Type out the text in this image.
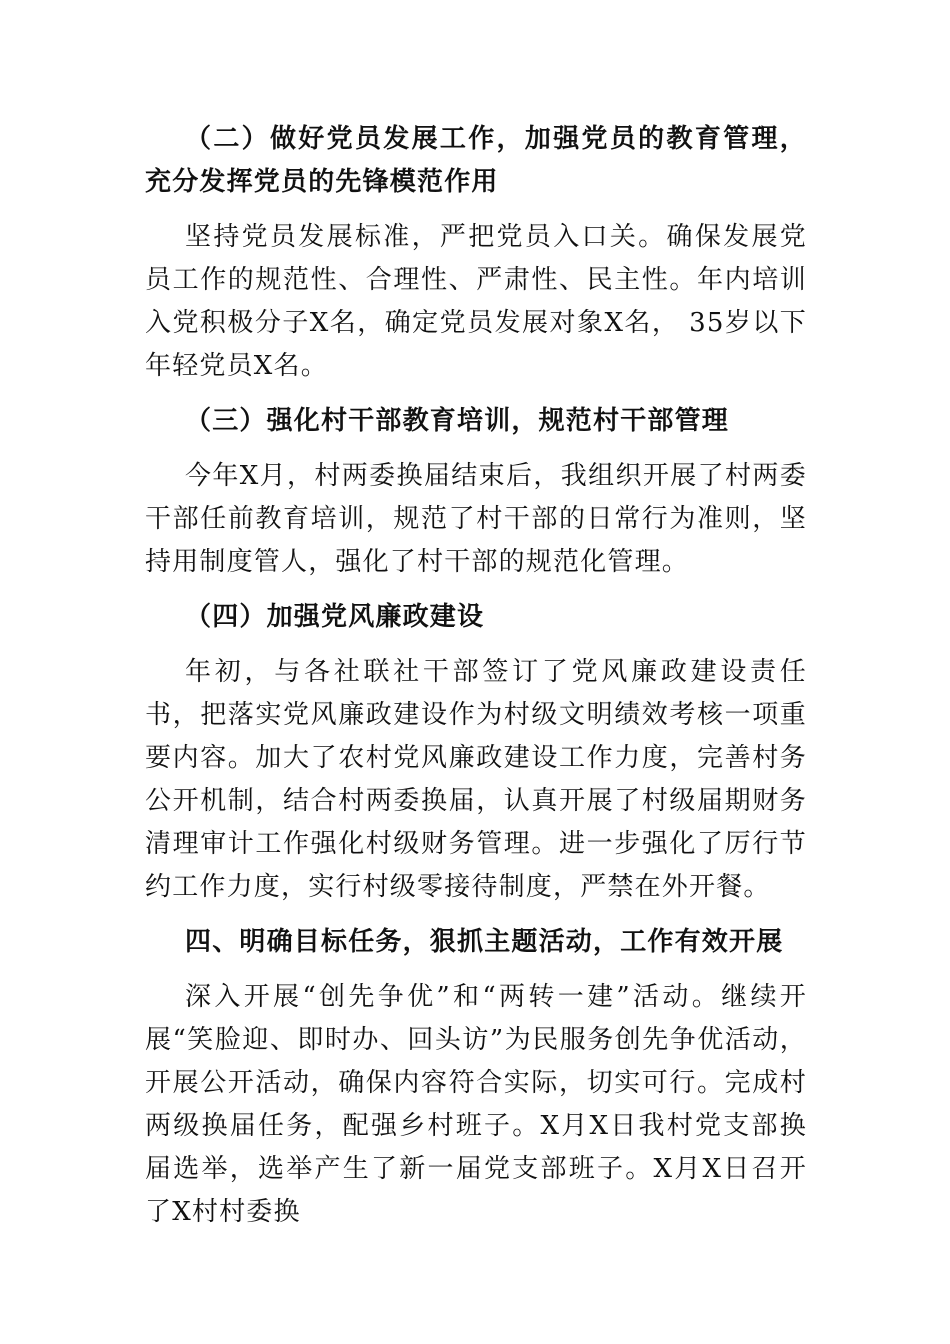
（二）做好党员发展工作，加强党员的教育管理，充分发挥党员的先锋模范作用
坚持党员发展标准，严把党员入口关。确保发展党员工作的规范性、合理性、严肃性、民主性。年内培训入党积极分子X名，确定党员发展对象X名， 35岁以下年轻党员X名。
（三）强化村干部教育培训，规范村干部管理
今年X月，村两委换届结束后，我组织开展了村两委干部任前教育培训，规范了村干部的日常行为准则，坚持用制度管人，强化了村干部的规范化管理。
（四）加强党风廉政建设
年初，与各社联社干部签订了党风廉政建设责任书，把落实党风廉政建设作为村级文明绩效考核一项重要内容。加大了农村党风廉政建设工作力度，完善村务公开机制，结合村两委换届，认真开展了村级届期财务清理审计工作强化村级财务管理。进一步强化了厉行节约工作力度，实行村级零接待制度，严禁在外开餐。
四、明确目标任务，狠抓主题活动，工作有效开展
深入开展“创先争优”和“两转一建”活动。继续开展“笑脸迎、即时办、回头访”为民服务创先争优活动，开展公开活动，确保内容符合实际，切实可行。完成村两级换届任务，配强乡村班子。X月X日我村党支部换届选举，选举产生了新一届党支部班子。X月X日召开了X村村委换
